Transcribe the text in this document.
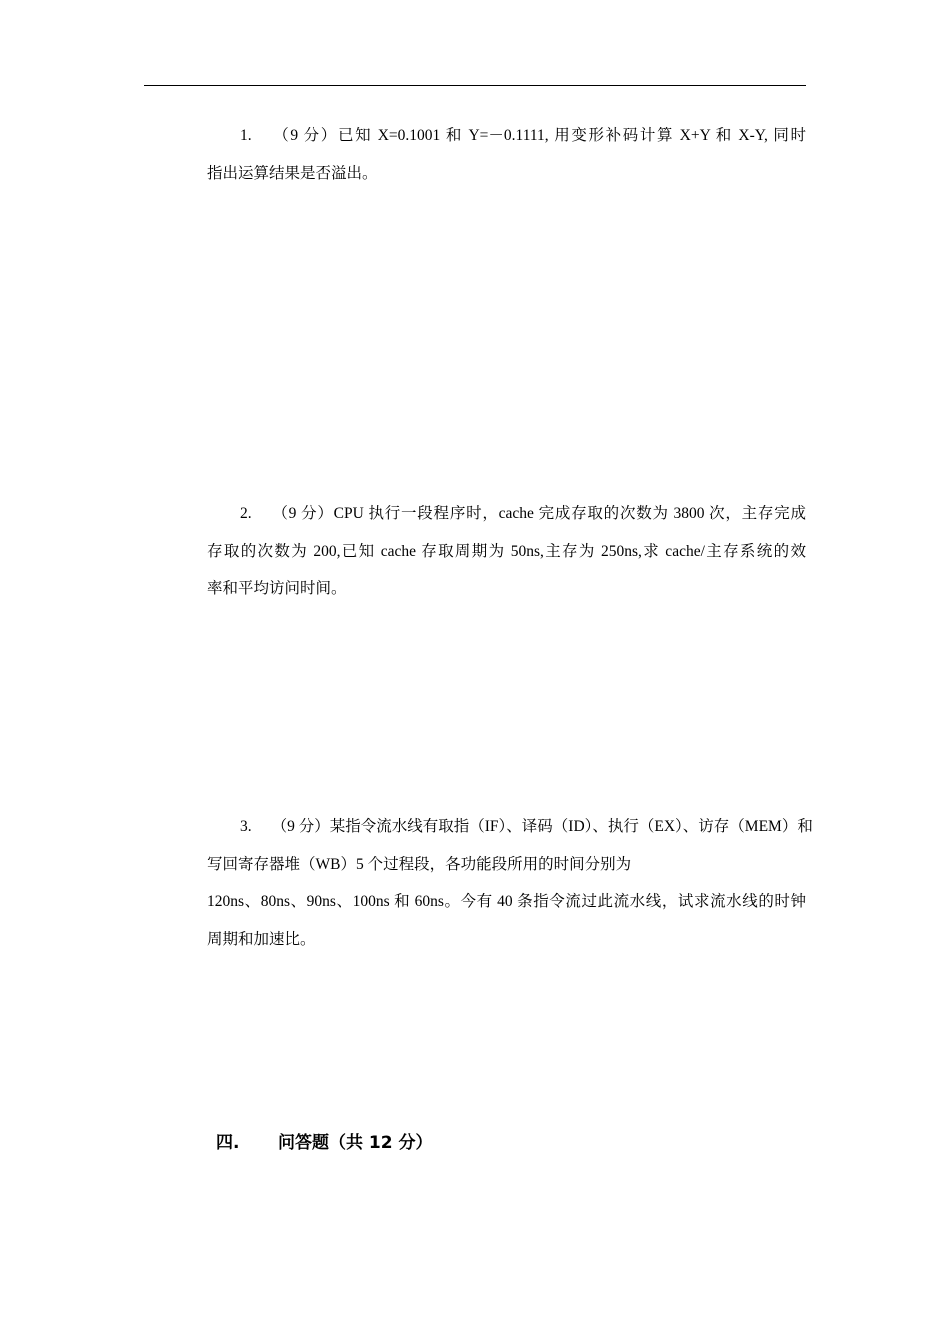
1. （9 分）已知 X=0.1001 和 Y=－0.1111, 用变形补码计算 X+Y 和 X-Y, 同时
指出运算结果是否溢出。
2. （9 分）CPU 执行一段程序时，cache 完成存取的次数为 3800 次，主存完成
存取的次数为 200,已知 cache 存取周期为 50ns,主存为 250ns,求 cache/主存系统的效
率和平均访问时间。
3. （9 分）某指令流水线有取指（IF）、译码（ID）、执行（EX）、访存（MEM）和
写回寄存器堆（WB）5 个过程段，各功能段所用的时间分别为
120ns、80ns、90ns、100ns 和 60ns。今有 40 条指令流过此流水线，试求流水线的时钟
周期和加速比。
四. 问答题（共 12 分）
